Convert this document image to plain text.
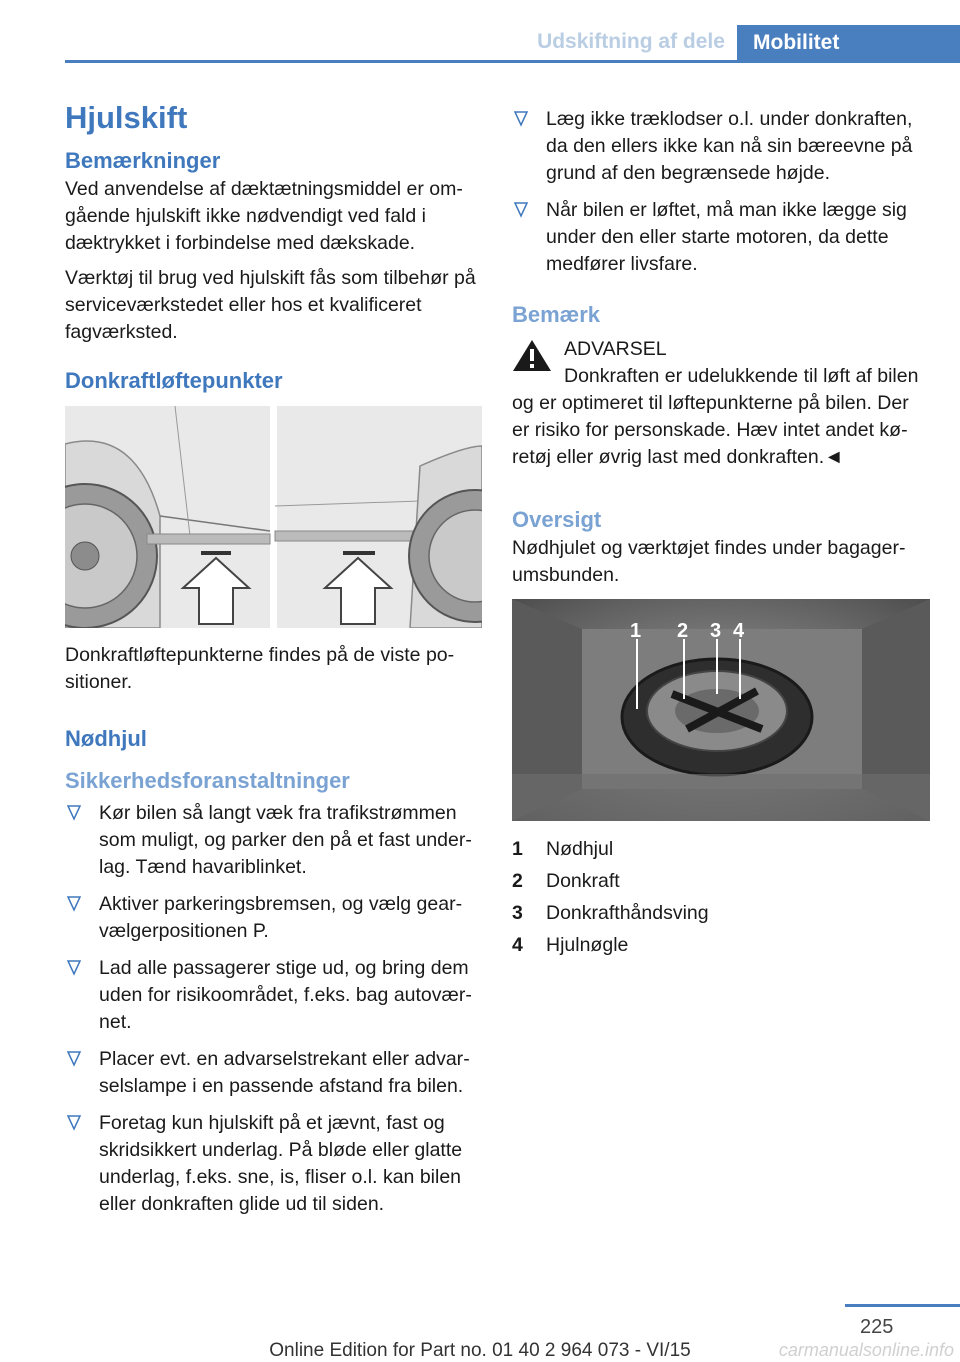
Udskiftning af dele	Mobilitet
Hjulskift
Bemærkninger

Ved anvendelse af dæktætningsmiddel er omgående hjulskift ikke nødvendigt ved fald i dæktrykket i forbindelse med dækskade.

Værktøj til brug ved hjulskift fås som tilbehør på serviceværkstedet eller hos et kvalificeret fagværksted.

Donkraftløftepunkter

Donkraftløftepunkterne findes på de viste positioner.

Nødhjul
Sikkerhedsforanstaltninger
Kør bilen så langt væk fra trafikstrømmen som muligt, og parker den på et fast underlag. Tænd havariblinket.
Aktiver parkeringsbremsen, og vælg gearvælgerpositionen P.
Lad alle passagerer stige ud, og bring dem uden for risikoområdet, f.eks. bag autoværnet.
Placer evt. en advarselstrekant eller advarselslampe i en passende afstand fra bilen.
Foretag kun hjulskift på et jævnt, fast og skridsikkert underlag. På bløde eller glatte underlag, f.eks. sne, is, fliser o.l. kan bilen eller donkraften glide ud til siden.
Læg ikke træklodser o.l. under donkraften, da den ellers ikke kan nå sin bæreevne på grund af den begrænsede højde.
Når bilen er løftet, må man ikke lægge sig under den eller starte motoren, da dette medfører livsfare.
Bemærk
ADVARSEL
Donkraften er udelukkende til løft af bilen
og er optimeret til løftepunkterne på bilen. Der er risiko for personskade. Hæv intet andet køretøj eller øvrig last med donkraften.◄
Oversigt

Nødhjulet og værktøjet findes under bagagerumsbunden.

1 2 3 4
1	Nødhjul
2	Donkraft
3	Donkrafthåndsving
4	Hjulnøgle
225
Online Edition for Part no. 01 40 2 964 073 - VI/15	carmanualsonline.info
